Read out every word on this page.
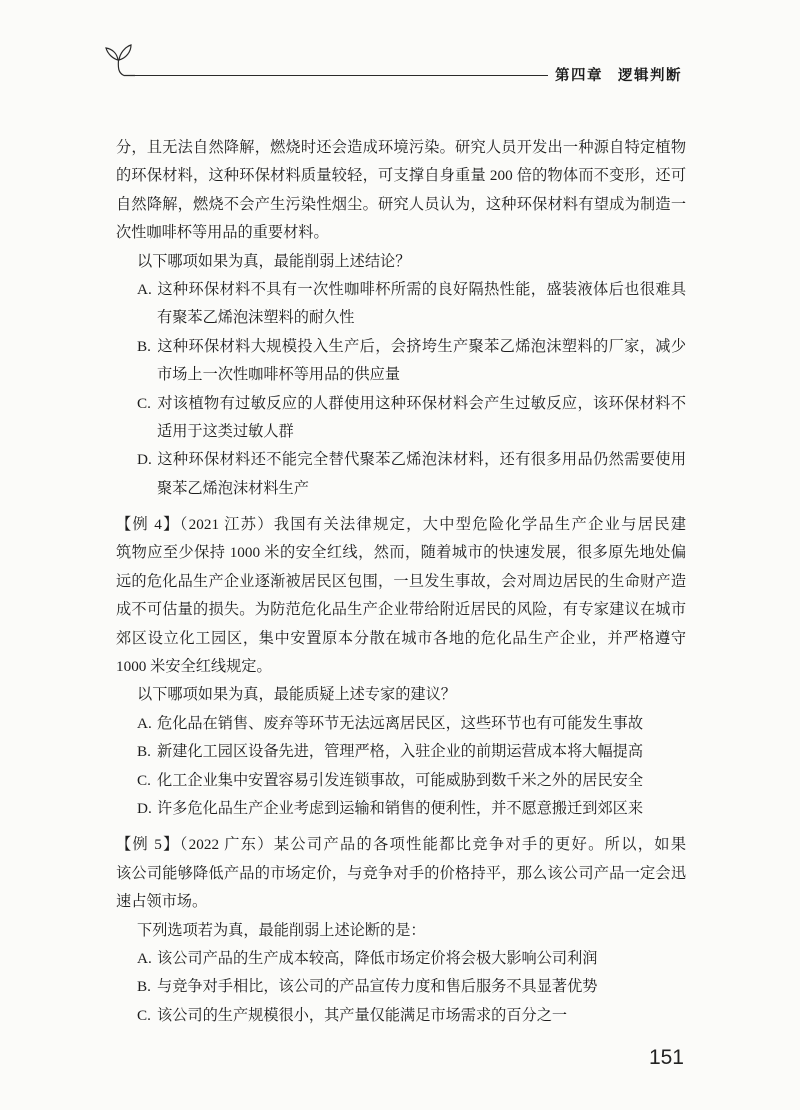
第四章 逻辑判断
分，且无法自然降解，燃烧时还会造成环境污染。研究人员开发出一种源自特定植物
的环保材料，这种环保材料质量较轻，可支撑自身重量 200 倍的物体而不变形，还可
自然降解，燃烧不会产生污染性烟尘。研究人员认为，这种环保材料有望成为制造一
次性咖啡杯等用品的重要材料。
以下哪项如果为真，最能削弱上述结论？
A. 这种环保材料不具有一次性咖啡杯所需的良好隔热性能，盛装液体后也很难具
有聚苯乙烯泡沫塑料的耐久性
B. 这种环保材料大规模投入生产后，会挤垮生产聚苯乙烯泡沫塑料的厂家，减少
市场上一次性咖啡杯等用品的供应量
C. 对该植物有过敏反应的人群使用这种环保材料会产生过敏反应，该环保材料不
适用于这类过敏人群
D. 这种环保材料还不能完全替代聚苯乙烯泡沫材料，还有很多用品仍然需要使用
聚苯乙烯泡沫材料生产
【例 4】（2021 江苏）我国有关法律规定，大中型危险化学品生产企业与居民建
筑物应至少保持 1000 米的安全红线，然而，随着城市的快速发展，很多原先地处偏
远的危化品生产企业逐渐被居民区包围，一旦发生事故，会对周边居民的生命财产造
成不可估量的损失。为防范危化品生产企业带给附近居民的风险，有专家建议在城市
郊区设立化工园区，集中安置原本分散在城市各地的危化品生产企业，并严格遵守
1000 米安全红线规定。
以下哪项如果为真，最能质疑上述专家的建议？
A. 危化品在销售、废弃等环节无法远离居民区，这些环节也有可能发生事故
B. 新建化工园区设备先进，管理严格，入驻企业的前期运营成本将大幅提高
C. 化工企业集中安置容易引发连锁事故，可能威胁到数千米之外的居民安全
D. 许多危化品生产企业考虑到运输和销售的便利性，并不愿意搬迁到郊区来
【例 5】（2022 广东）某公司产品的各项性能都比竞争对手的更好。所以，如果
该公司能够降低产品的市场定价，与竞争对手的价格持平，那么该公司产品一定会迅
速占领市场。
下列选项若为真，最能削弱上述论断的是：
A. 该公司产品的生产成本较高，降低市场定价将会极大影响公司利润
B. 与竞争对手相比，该公司的产品宣传力度和售后服务不具显著优势
C. 该公司的生产规模很小，其产量仅能满足市场需求的百分之一
151
